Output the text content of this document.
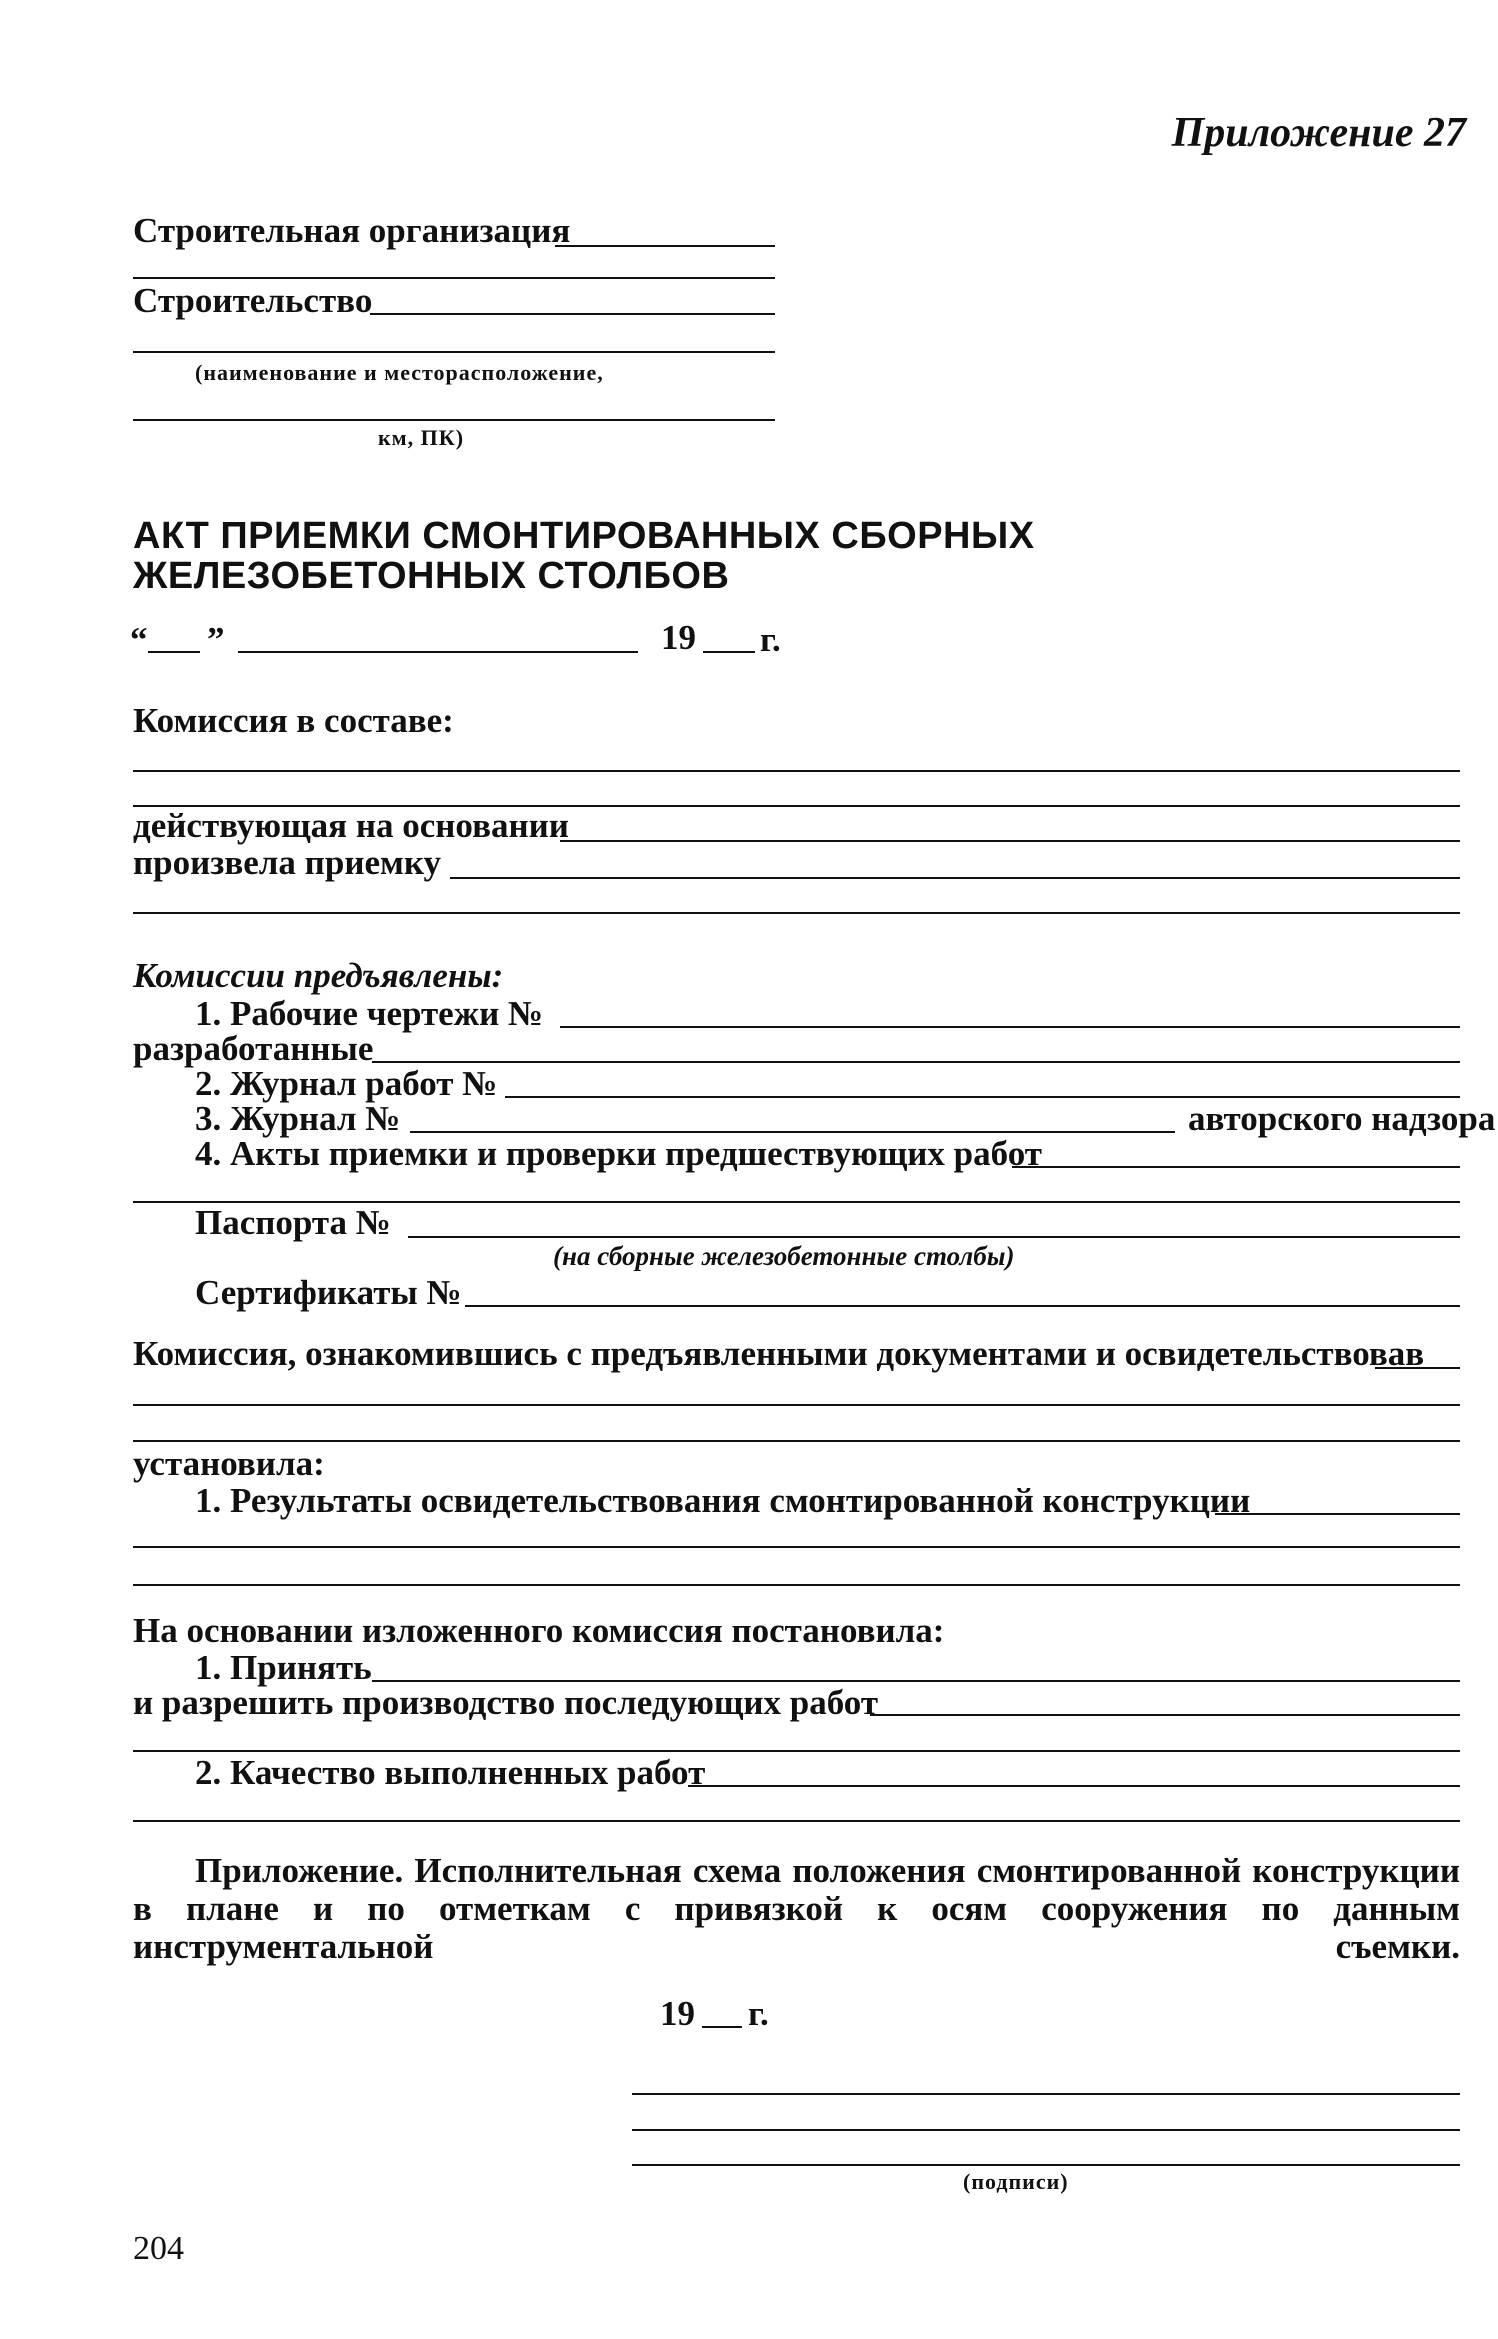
Приложение 27
Строительная организация
Строительство
(наименование и месторасположение,
км, ПК)
АКТ ПРИЕМКИ СМОНТИРОВАННЫХ СБОРНЫХ ЖЕЛЕЗОБЕТОННЫХ СТОЛБОВ
“ ”	19 г.
Комиссия в составе:
действующая на основании
произвела приемку
Комиссии предъявлены:
1. Рабочие чертежи №
разработанные
2. Журнал работ №
3. Журнал №	авторского надзора
4. Акты приемки и проверки предшествующих работ
Паспорта №
(на сборные железобетонные столбы)
Сертификаты №
Комиссия, ознакомившись с предъявленными документами и освидетельствовав
установила:
1. Результаты освидетельствования смонтированной конструкции
На основании изложенного комиссия постановила:
1. Принять
и разрешить производство последующих работ
2. Качество выполненных работ
Приложение. Исполнительная схема положения смонтированной конструкции в плане и по отметкам с привязкой к осям сооружения по данным инструментальной съемки.
19 г.
(подписи)
204
